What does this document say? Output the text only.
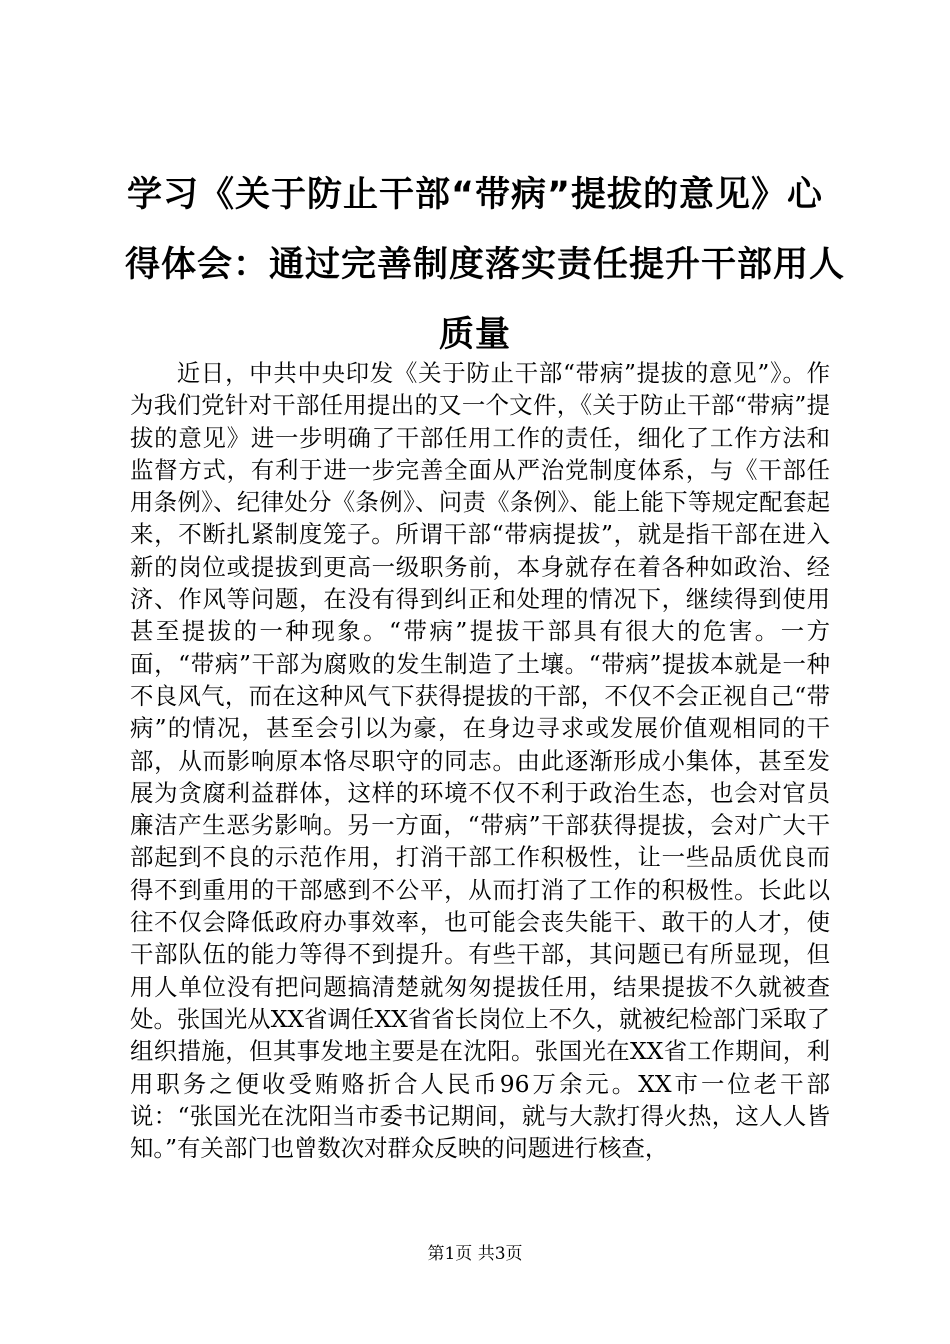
学习《关于防止干部“带病”提拔的意见》心
得体会：通过完善制度落实责任提升干部用人
质量

近日，中共中央印发《关于防止干部“带病”提拔的意见”》。作为我们党针对干部任用提出的又一个文件，《关于防止干部“带病”提拔的意见》进一步明确了干部任用工作的责任，细化了工作方法和监督方式，有利于进一步完善全面从严治党制度体系，与《干部任用条例》、纪律处分《条例》、问责《条例》、能上能下等规定配套起来，不断扎紧制度笼子。所谓干部“带病提拔”，就是指干部在进入新的岗位或提拔到更高一级职务前，本身就存在着各种如政治、经济、作风等问题，在没有得到纠正和处理的情况下，继续得到使用甚至提拔的一种现象。“带病”提拔干部具有很大的危害。一方面，“带病”干部为腐败的发生制造了土壤。“带病”提拔本就是一种不良风气，而在这种风气下获得提拔的干部，不仅不会正视自己“带病”的情况，甚至会引以为豪，在身边寻求或发展价值观相同的干部，从而影响原本恪尽职守的同志。由此逐渐形成小集体，甚至发展为贪腐利益群体，这样的环境不仅不利于政治生态，也会对官员廉洁产生恶劣影响。另一方面，“带病”干部获得提拔，会对广大干部起到不良的示范作用，打消干部工作积极性，让一些品质优良而得不到重用的干部感到不公平，从而打消了工作的积极性。长此以往不仅会降低政府办事效率，也可能会丧失能干、敢干的人才，使干部队伍的能力等得不到提升。有些干部，其问题已有所显现，但用人单位没有把问题搞清楚就匆匆提拔任用，结果提拔不久就被查处。张国光从XX省调任XX省省长岗位上不久，就被纪检部门采取了组织措施，但其事发地主要是在沈阳。张国光在XX省工作期间，利用职务之便收受贿赂折合人民币96万余元。XX市一位老干部说：“张国光在沈阳当市委书记期间，就与大款打得火热，这人人皆知。”有关部门也曾数次对群众反映的问题进行核查，

第1页 共3页
